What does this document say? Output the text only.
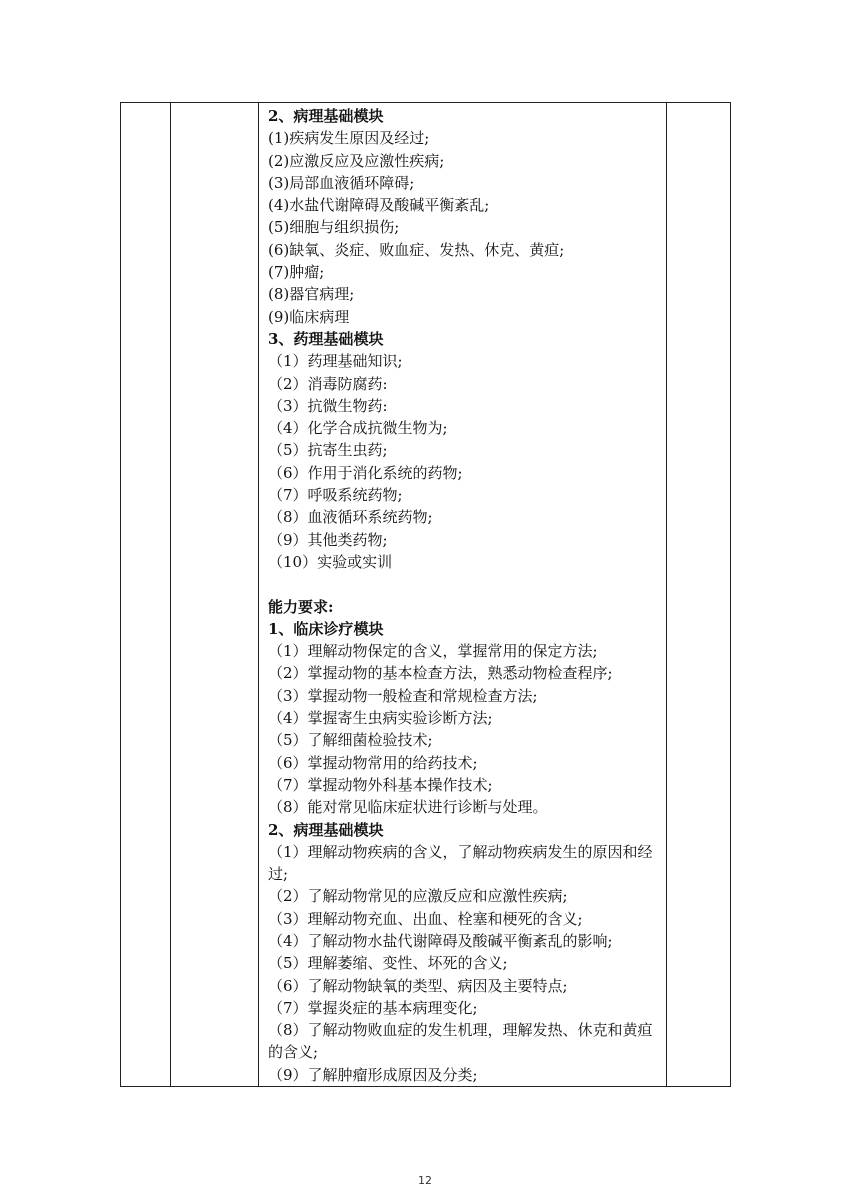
2、病理基础模块
(1)疾病发生原因及经过;
(2)应激反应及应激性疾病;
(3)局部血液循环障碍;
(4)水盐代谢障碍及酸碱平衡紊乱;
(5)细胞与组织损伤;
(6)缺氧、炎症、败血症、发热、休克、黄疸;
(7)肿瘤;
(8)器官病理;
(9)临床病理
3、药理基础模块
（1）药理基础知识;
（2）消毒防腐药:
（3）抗微生物药:
（4）化学合成抗微生物为;
（5）抗寄生虫药;
（6）作用于消化系统的药物;
（7）呼吸系统药物;
（8）血液循环系统药物;
（9）其他类药物;
（10）实验或实训
能力要求:
1、临床诊疗模块
（1）理解动物保定的含义，掌握常用的保定方法;
（2）掌握动物的基本检查方法，熟悉动物检查程序;
（3）掌握动物一般检查和常规检查方法;
（4）掌握寄生虫病实验诊断方法;
（5）了解细菌检验技术;
（6）掌握动物常用的给药技术;
（7）掌握动物外科基本操作技术;
（8）能对常见临床症状进行诊断与处理。
2、病理基础模块
（1）理解动物疾病的含义，了解动物疾病发生的原因和经过;
（2）了解动物常见的应激反应和应激性疾病;
（3）理解动物充血、出血、栓塞和梗死的含义;
（4）了解动物水盐代谢障碍及酸碱平衡紊乱的影响;
（5）理解萎缩、变性、坏死的含义;
（6）了解动物缺氧的类型、病因及主要特点;
（7）掌握炎症的基本病理变化;
（8）了解动物败血症的发生机理，理解发热、休克和黄疸的含义;
（9）了解肿瘤形成原因及分类;

12
